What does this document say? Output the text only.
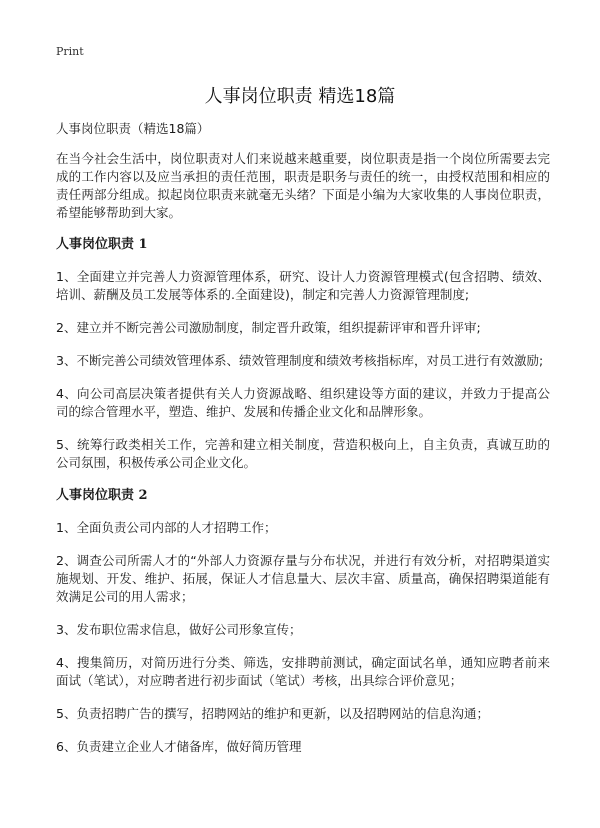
Print
人事岗位职责 精选18篇

人事岗位职责（精选18篇）

在当今社会生活中，岗位职责对人们来说越来越重要，岗位职责是指一个岗位所需要去完成的工作内容以及应当承担的责任范围，职责是职务与责任的统一，由授权范围和相应的责任两部分组成。拟起岗位职责来就毫无头绪？下面是小编为大家收集的人事岗位职责，希望能够帮助到大家。

人事岗位职责 1

1、全面建立并完善人力资源管理体系，研究、设计人力资源管理模式(包含招聘、绩效、培训、薪酬及员工发展等体系的.全面建设)，制定和完善人力资源管理制度;

2、建立并不断完善公司激励制度，制定晋升政策，组织提薪评审和晋升评审;

3、不断完善公司绩效管理体系、绩效管理制度和绩效考核指标库，对员工进行有效激励;

4、向公司高层决策者提供有关人力资源战略、组织建设等方面的建议，并致力于提高公司的综合管理水平，塑造、维护、发展和传播企业文化和品牌形象。

5、统筹行政类相关工作，完善和建立相关制度，营造积极向上，自主负责，真诚互助的公司氛围，积极传承公司企业文化。

人事岗位职责 2

1、全面负责公司内部的人才招聘工作；

2、调查公司所需人才的“外部人力资源存量与分布状况，并进行有效分析，对招聘渠道实施规划、开发、维护、拓展，保证人才信息量大、层次丰富、质量高，确保招聘渠道能有效满足公司的用人需求；

3、发布职位需求信息，做好公司形象宣传；

4、搜集简历，对简历进行分类、筛选，安排聘前测试，确定面试名单，通知应聘者前来面试（笔试），对应聘者进行初步面试（笔试）考核，出具综合评价意见；

5、负责招聘广告的撰写，招聘网站的维护和更新，以及招聘网站的信息沟通；

6、负责建立企业人才储备库，做好简历管理
